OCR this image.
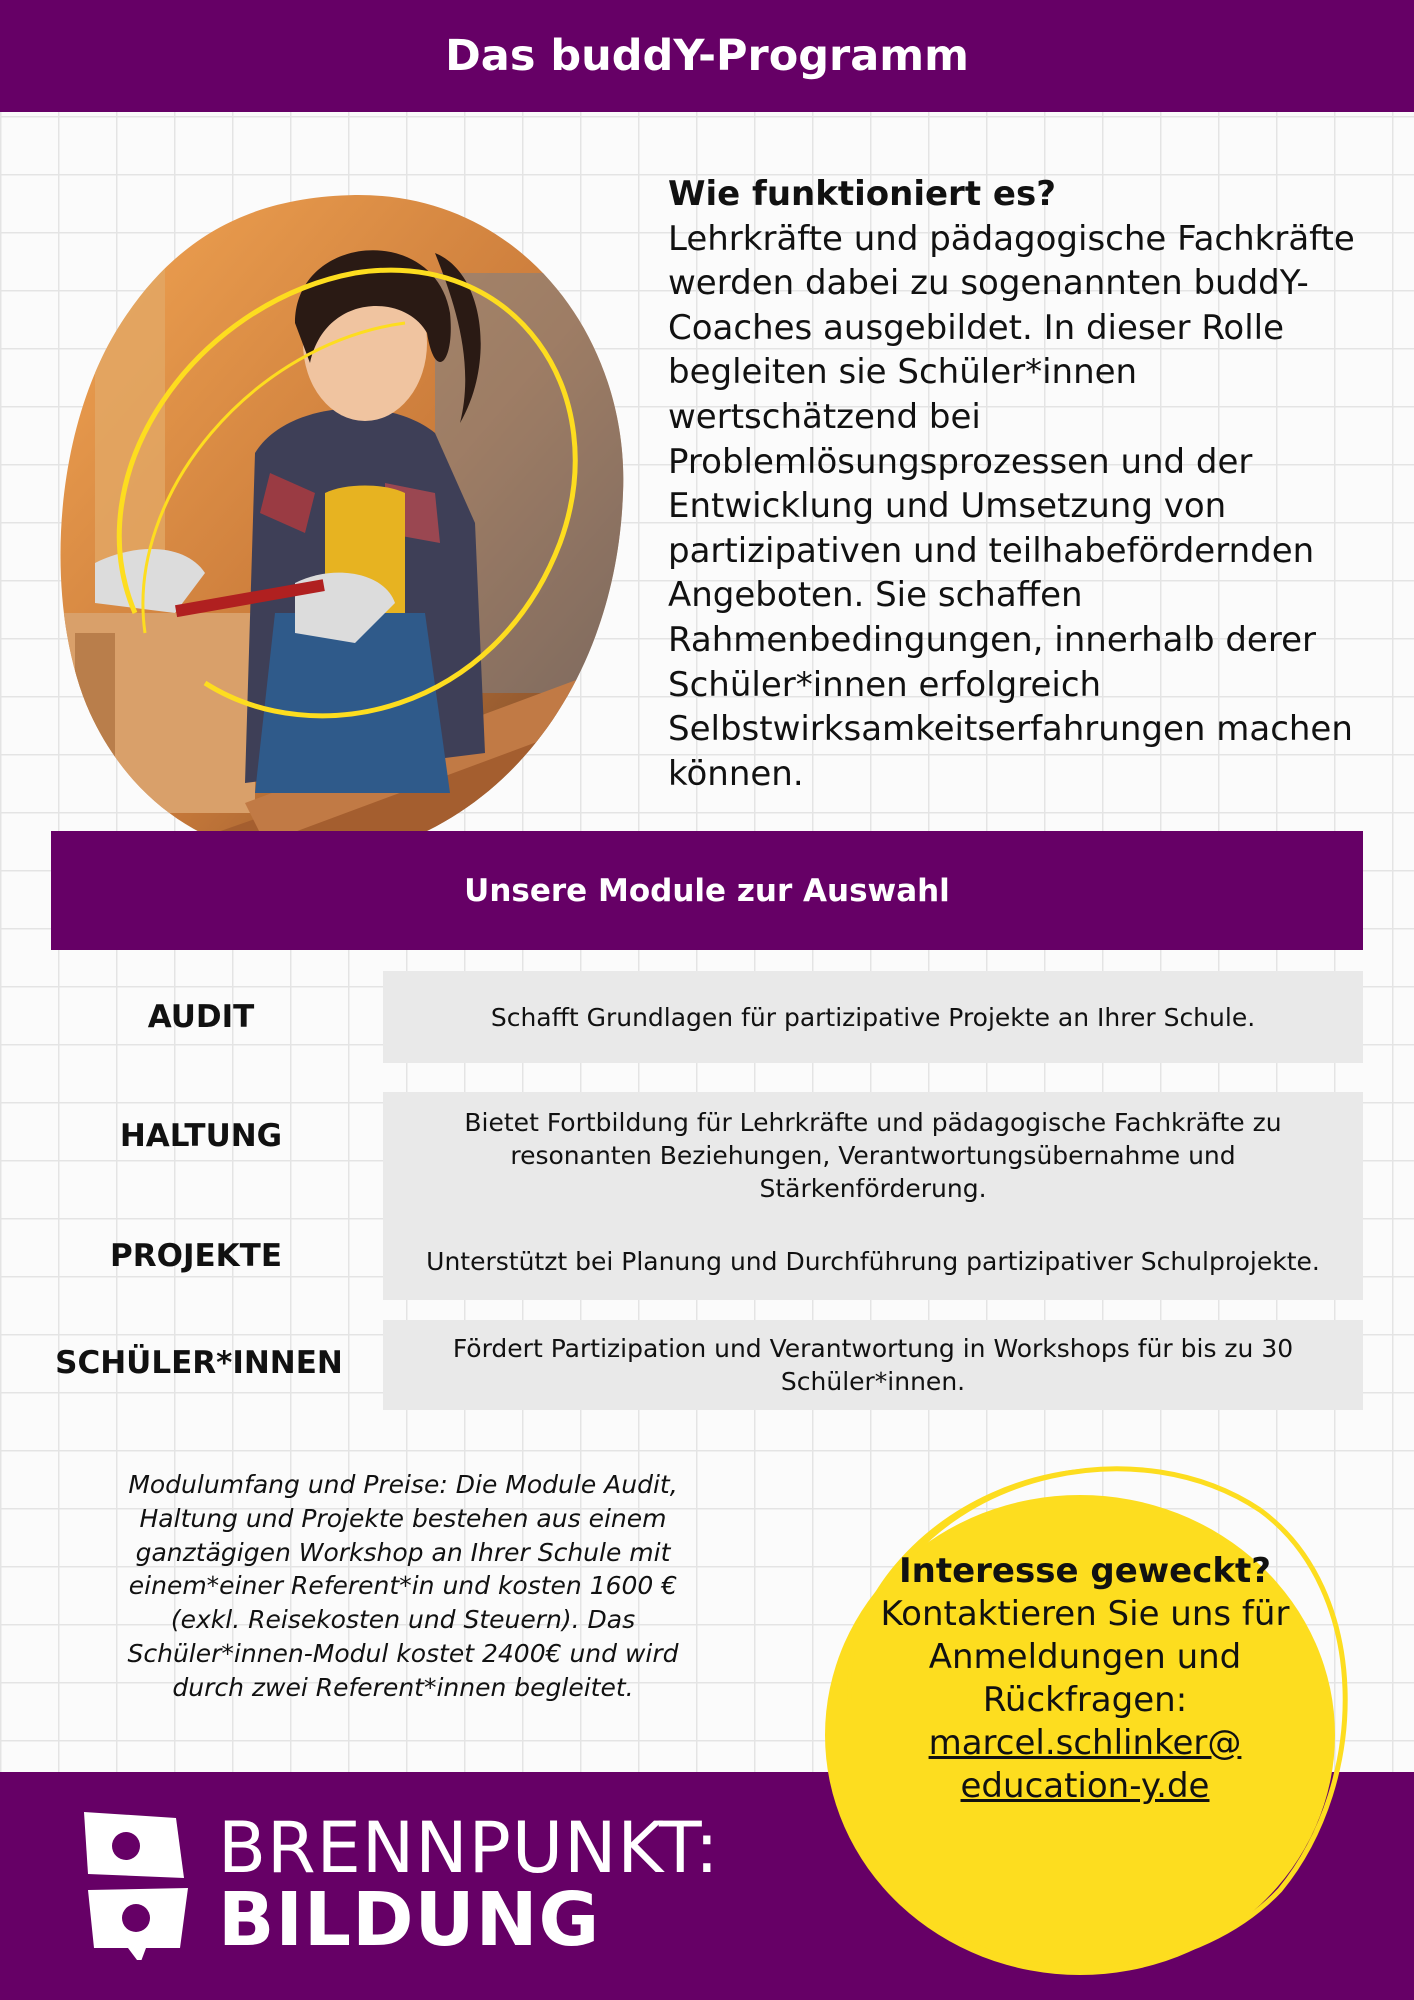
Das buddY-Programm

Wie funktioniert es?

Lehrkräfte und pädagogische Fachkräfte werden dabei zu sogenannten buddY-Coaches ausgebildet. In dieser Rolle begleiten sie Schüler*innen wertschätzend bei Problemlösungsprozessen und der Entwicklung und Umsetzung von partizipativen und teilhabefördernden Angeboten. Sie schaffen Rahmenbedingungen, innerhalb derer Schüler*innen erfolgreich Selbstwirksamkeitserfahrungen machen können.

Unsere Module zur Auswahl
AUDIT	Schafft Grundlagen für partizipative Projekte an Ihrer Schule.
HALTUNG	Bietet Fortbildung für Lehrkräfte und pädagogische Fachkräfte zu resonanten Beziehungen, Verantwortungsübernahme und Stärkenförderung.
PROJEKTE	Unterstützt bei Planung und Durchführung partizipativer Schulprojekte.
SCHÜLER*INNEN	Fördert Partizipation und Verantwortung in Workshops für bis zu 30 Schüler*innen.
Modulumfang und Preise: Die Module Audit, Haltung und Projekte bestehen aus einem ganztägigen Workshop an Ihrer Schule mit einem*einer Referent*in und kosten 1600 € (exkl. Reisekosten und Steuern). Das Schüler*innen-Modul kostet 2400€ und wird durch zwei Referent*innen begleitet.
BRENNPUNKT:
BILDUNG
Interesse geweckt?
Kontaktieren Sie uns für Anmeldungen und Rückfragen:
marcel.schlinker@
education-y.de
